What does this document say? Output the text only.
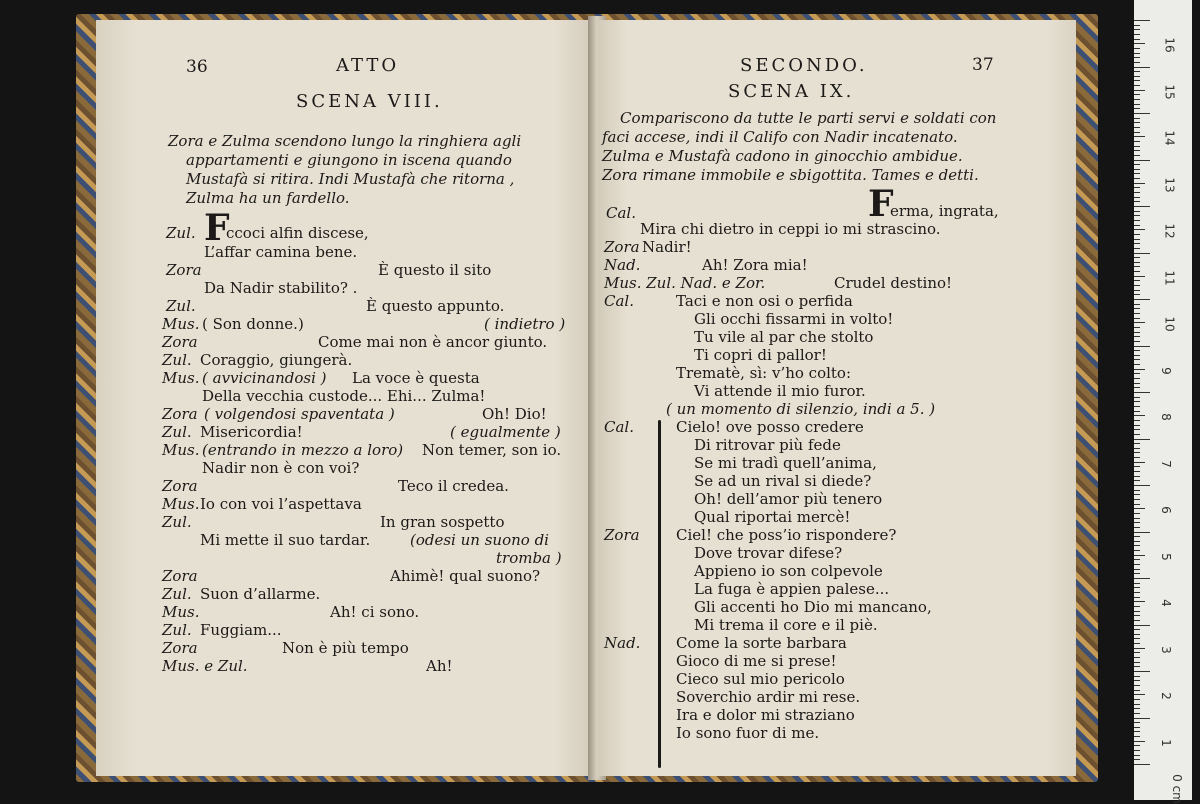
36	ATTO
SCENA VIII.
Zora e Zulma scendono lungo la ringhiera agli
appartamenti e giungono in iscena quando
Mustafà si ritira. Indi Mustafà che ritorna ,
Zulma ha un fardello.
Zul. F
ccoci alfin discese,
L’affar camina bene.
Zora	È questo il sito
Da Nadir stabilito? .
Zul.	È questo appunto.
Mus. ( Son donne.)	( indietro )
Zora	Come mai non è ancor giunto.
Zul. Coraggio, giungerà.
Mus. ( avvicinandosi ) La voce è questa
Della vecchia custode... Ehi... Zulma!
Zora ( volgendosi spaventata )	Oh! Dio!
Zul. Misericordia!	( egualmente )
Mus. (entrando in mezzo a loro) Non temer, son io.
Nadir non è con voi?
Zora	Teco il credea.
Mus. Io con voi l’aspettava
Zul.	In gran sospetto
Mi mette il suo tardar.	(odesi un suono di
tromba )
Zora	Ahimè! qual suono?
Zul. Suon d’allarme.
Mus.	Ah! ci sono.
Zul. Fuggiam...
Zora	Non è più tempo
Mus. e Zul.	Ah!
SECONDO.	37
SCENA IX.
Compariscono da tutte le parti servi e soldati con
faci accese, indi il Califo con Nadir incatenato.
Zulma e Mustafà cadono in ginocchio ambidue.
Zora rimane immobile e sbigottita. Tames e detti.
Cal.	F
erma, ingrata,
Mira chi dietro in ceppi io mi strascino.
Zora Nadir!
Nad.	Ah! Zora mia!
Mus. Zul. Nad. e Zor.	Crudel destino!
Cal.	Taci e non osi o perfida
Gli occhi fissarmi in volto!
Tu vile al par che stolto
Ti copri di pallor!
Trematè, sì: v’ho colto:
Vi attende il mio furor.
( un momento di silenzio, indi a 5. )
Cal.	Cielo! ove posso credere
Di ritrovar più fede
Se mi tradì quell’anima,
Se ad un rival si diede?
Oh! dell’amor più tenero
Qual riportai mercè!
Zora Ciel! che poss’io rispondere?
Dove trovar difese?
Appieno io son colpevole
La fuga è appien palese...
Gli accenti ho Dio mi mancano,
Mi trema il core e il piè.
Nad. Come la sorte barbara
Gioco di me si prese!
Cieco sul mio pericolo
Soverchio ardir mi rese.
Ira e dolor mi straziano
Io sono fuor di me.
16
15
14
13
12
11
10
9
8
7
6
5
4
3
2
1
0 cm
